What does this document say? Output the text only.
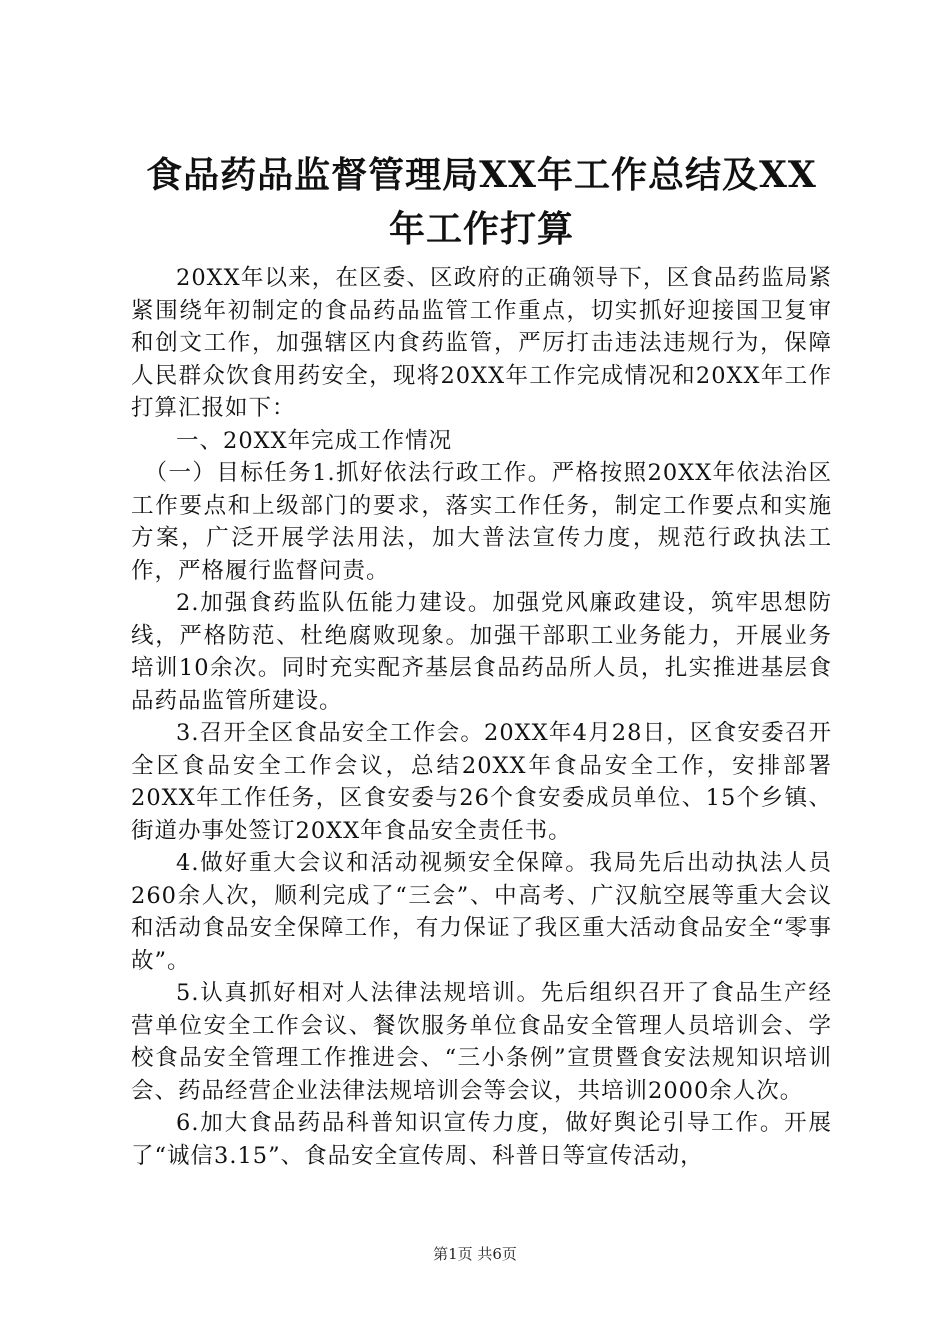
食品药品监督管理局XX年工作总结及XX年工作打算

20XX年以来，在区委、区政府的正确领导下，区食品药监局紧紧围绕年初制定的食品药品监管工作重点，切实抓好迎接国卫复审和创文工作，加强辖区内食药监管，严厉打击违法违规行为，保障人民群众饮食用药安全，现将20XX年工作完成情况和20XX年工作打算汇报如下：

一、20XX年完成工作情况

（一）目标任务1.抓好依法行政工作。严格按照20XX年依法治区工作要点和上级部门的要求，落实工作任务，制定工作要点和实施方案，广泛开展学法用法，加大普法宣传力度，规范行政执法工作，严格履行监督问责。

2.加强食药监队伍能力建设。加强党风廉政建设，筑牢思想防线，严格防范、杜绝腐败现象。加强干部职工业务能力，开展业务培训10余次。同时充实配齐基层食品药品所人员，扎实推进基层食品药品监管所建设。

3.召开全区食品安全工作会。20XX年4月28日，区食安委召开全区食品安全工作会议，总结20XX年食品安全工作，安排部署20XX年工作任务，区食安委与26个食安委成员单位、15个乡镇、街道办事处签订20XX年食品安全责任书。

4.做好重大会议和活动视频安全保障。我局先后出动执法人员260余人次，顺利完成了“三会”、中高考、广汉航空展等重大会议和活动食品安全保障工作，有力保证了我区重大活动食品安全“零事故”。

5.认真抓好相对人法律法规培训。先后组织召开了食品生产经营单位安全工作会议、餐饮服务单位食品安全管理人员培训会、学校食品安全管理工作推进会、“三小条例”宣贯暨食安法规知识培训会、药品经营企业法律法规培训会等会议，共培训2000余人次。

6.加大食品药品科普知识宣传力度，做好舆论引导工作。开展了“诚信3.15”、食品安全宣传周、科普日等宣传活动，

第1页 共6页
